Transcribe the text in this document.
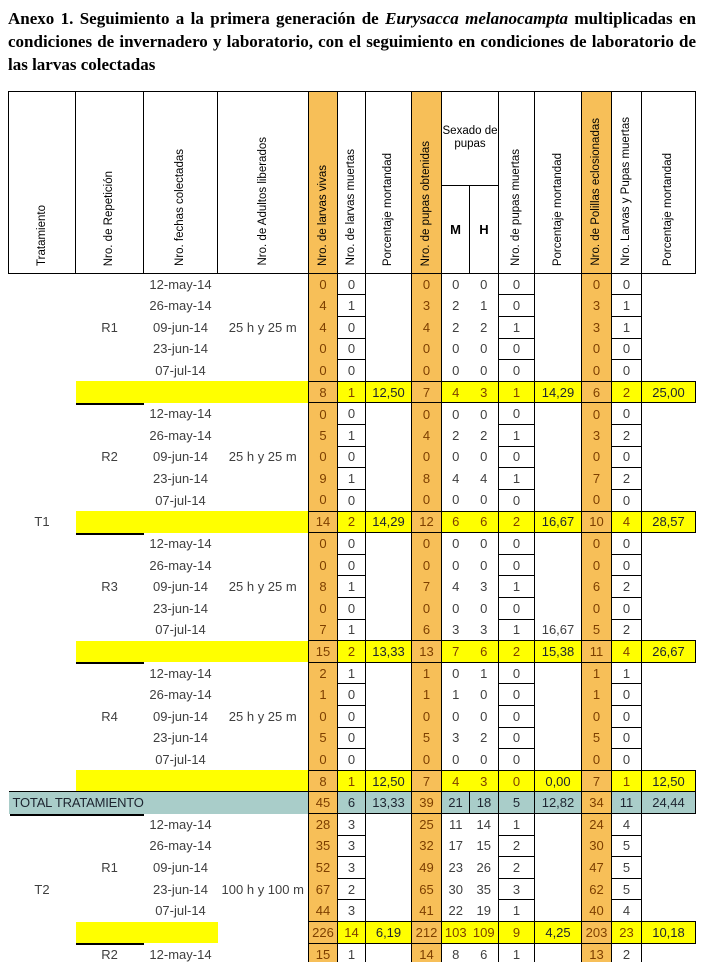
Anexo 1. Seguimiento a la primera generación de Eurysacca melanocampta multiplicadas en condiciones de invernadero y laboratorio, con el seguimiento en condiciones de laboratorio de las larvas colectadas
Tratamiento	Nro. de Repetición	Nro. fechas colectadas	Nro. de Adultos liberados	Nro. de larvas vivas	Nro. de larvas muertas	Porcentaje mortandad	Nro. de pupas obtenidas	Sexado de pupas		Nro. de pupas muertas	Porcentaje mortandad	Nro. de Polillas eclosionadas	Nro. Larvas y Pupas muertas	Porcentaje mortandad
								M	H					
		12-may-14		0	0		0	0	0	0		0	0	
		26-may-14		4	1		3	2	1	0		3	1	
	R1	09-jun-14	25 h y 25 m	4	0		4	2	2	1		3	1	
		23-jun-14		0	0		0	0	0	0		0	0	
		07-jul-14		0	0		0	0	0	0		0	0	
				8	1	12,50	7	4	3	1	14,29	6	2	25,00
		12-may-14		0	0		0	0	0	0		0	0	
		26-may-14		5	1		4	2	2	1		3	2	
	R2	09-jun-14	25 h y 25 m	0	0		0	0	0	0		0	0	
		23-jun-14		9	1		8	4	4	1		7	2	
		07-jul-14		0	0		0	0	0	0		0	0	
T1				14	2	14,29	12	6	6	2	16,67	10	4	28,57
		12-may-14		0	0		0	0	0	0		0	0	
		26-may-14		0	0		0	0	0	0		0	0	
	R3	09-jun-14	25 h y 25 m	8	1		7	4	3	1		6	2	
		23-jun-14		0	0		0	0	0	0		0	0	
		07-jul-14		7	1		6	3	3	1	16,67	5	2	
				15	2	13,33	13	7	6	2	15,38	11	4	26,67
		12-may-14		2	1		1	0	1	0		1	1	
		26-may-14		1	0		1	1	0	0		1	0	
	R4	09-jun-14	25 h y 25 m	0	0		0	0	0	0		0	0	
		23-jun-14		5	0		5	3	2	0		5	0	
		07-jul-14		0	0		0	0	0	0		0	0	
				8	1	12,50	7	4	3	0	0,00	7	1	12,50
TOTAL TRATAMIENTO				45	6	13,33	39	21	18	5	12,82	34	11	24,44
		12-may-14		28	3		25	11	14	1		24	4	
		26-may-14		35	3		32	17	15	2		30	5	
	R1	09-jun-14		52	3		49	23	26	2		47	5	
T2		23-jun-14	100 h y 100 m	67	2		65	30	35	3		62	5	
		07-jul-14		44	3		41	22	19	1		40	4	
				226	14	6,19	212	103	109	9	4,25	203	23	10,18
	R2	12-may-14		15	1		14	8	6	1		13	2	
